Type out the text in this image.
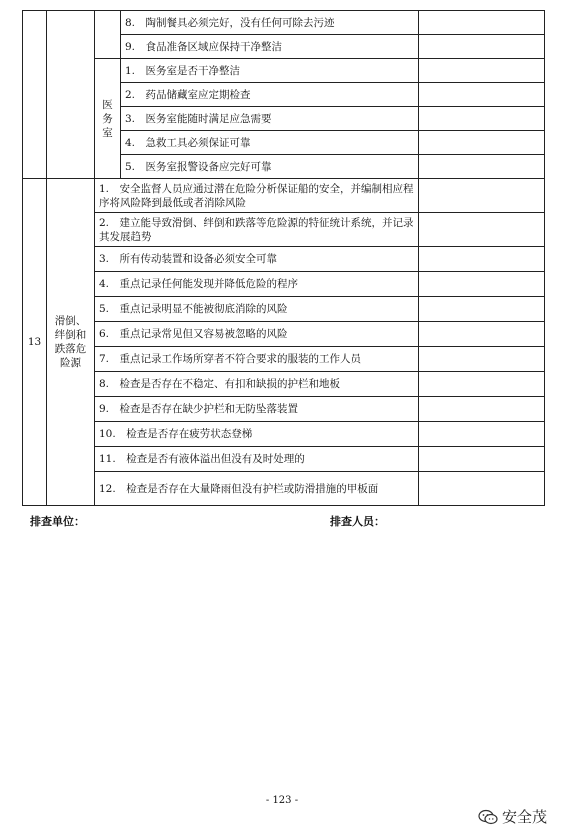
			8.　陶制餐具必须完好，没有任何可除去污迹	
			9.　食品准备区域应保持干净整洁	
		医务室	1.　医务室是否干净整洁	
			2.　药品储藏室应定期检查	
			3.　医务室能随时满足应急需要	
			4.　急救工具必须保证可靠	
			5.　医务室报警设备应完好可靠	
13	滑倒、绊倒和跌落危险源	1.　安全监督人员应通过潜在危险分析保证船的安全，并编制相应程序将风险降到最低或者消除风险		
		2.　建立能导致滑倒、绊倒和跌落等危险源的特征统计系统，并记录其发展趋势		
		3.　所有传动装置和设备必须安全可靠		
		4.　重点记录任何能发现并降低危险的程序		
		5.　重点记录明显不能被彻底消除的风险		
		6.　重点记录常见但又容易被忽略的风险		
		7.　重点记录工作场所穿者不符合要求的服装的工作人员		
		8.　检查是否存在不稳定、有扣和缺损的护栏和地板		
		9.　检查是否存在缺少护栏和无防坠落装置		
		10.　检查是否存在疲劳状态登梯		
		11.　检查是否有液体溢出但没有及时处理的		
		12.　检查是否存在大量降雨但没有护栏或防滑措施的甲板面		
排查单位：	排查人员：
- 123 -
安全茂
